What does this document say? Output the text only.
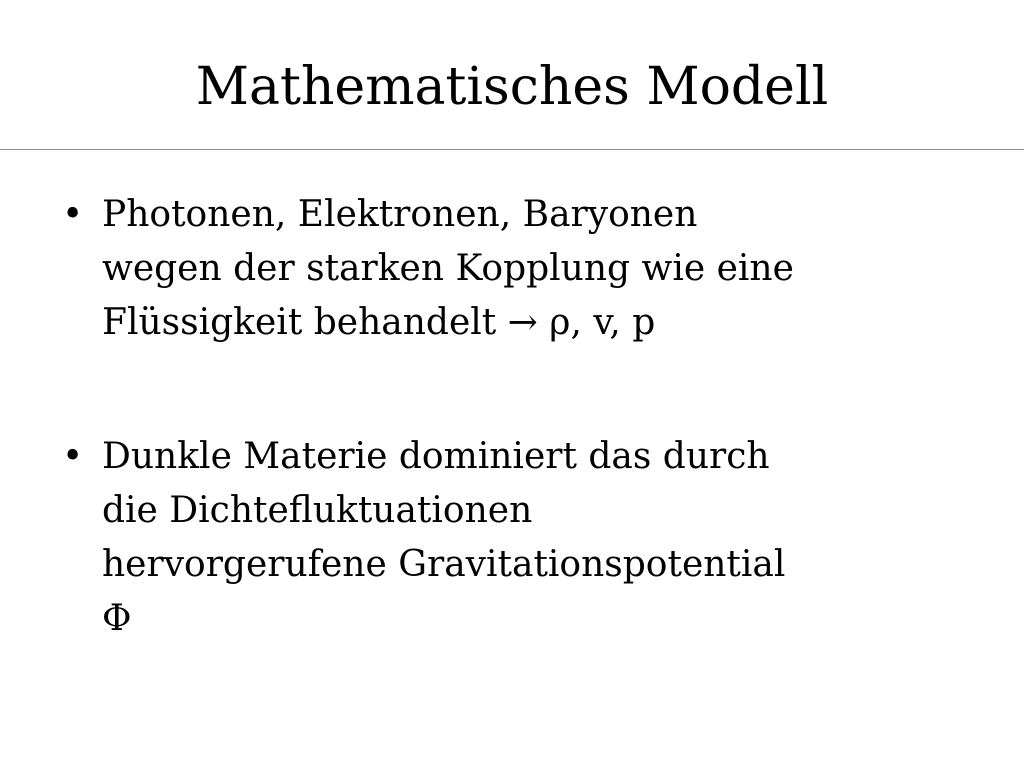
Mathematisches Modell
• Photonen, Elektronen, Baryonen
wegen der starken Kopplung wie eine
Flüssigkeit behandelt → ρ, v, p
• Dunkle Materie dominiert das durch
die Dichtefluktuationen
hervorgerufene Gravitationspotential
Φ
